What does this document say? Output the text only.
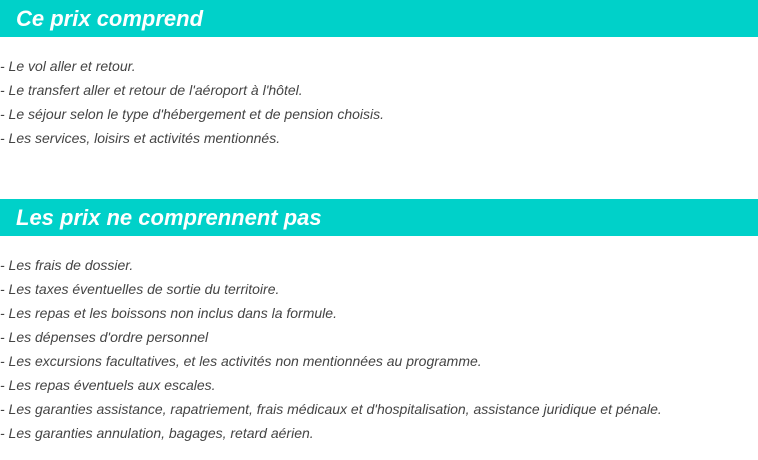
Ce prix comprend
- Le vol aller et retour.
- Le transfert aller et retour de l'aéroport à l'hôtel.
- Le séjour selon le type d'hébergement et de pension choisis.
- Les services, loisirs et activités mentionnés.
Les prix ne comprennent pas
- Les frais de dossier.
- Les taxes éventuelles de sortie du territoire.
- Les repas et les boissons non inclus dans la formule.
- Les dépenses d'ordre personnel
- Les excursions facultatives, et les activités non mentionnées au programme.
- Les repas éventuels aux escales.
- Les garanties assistance, rapatriement, frais médicaux et d'hospitalisation, assistance juridique et pénale.
- Les garanties annulation, bagages, retard aérien.
